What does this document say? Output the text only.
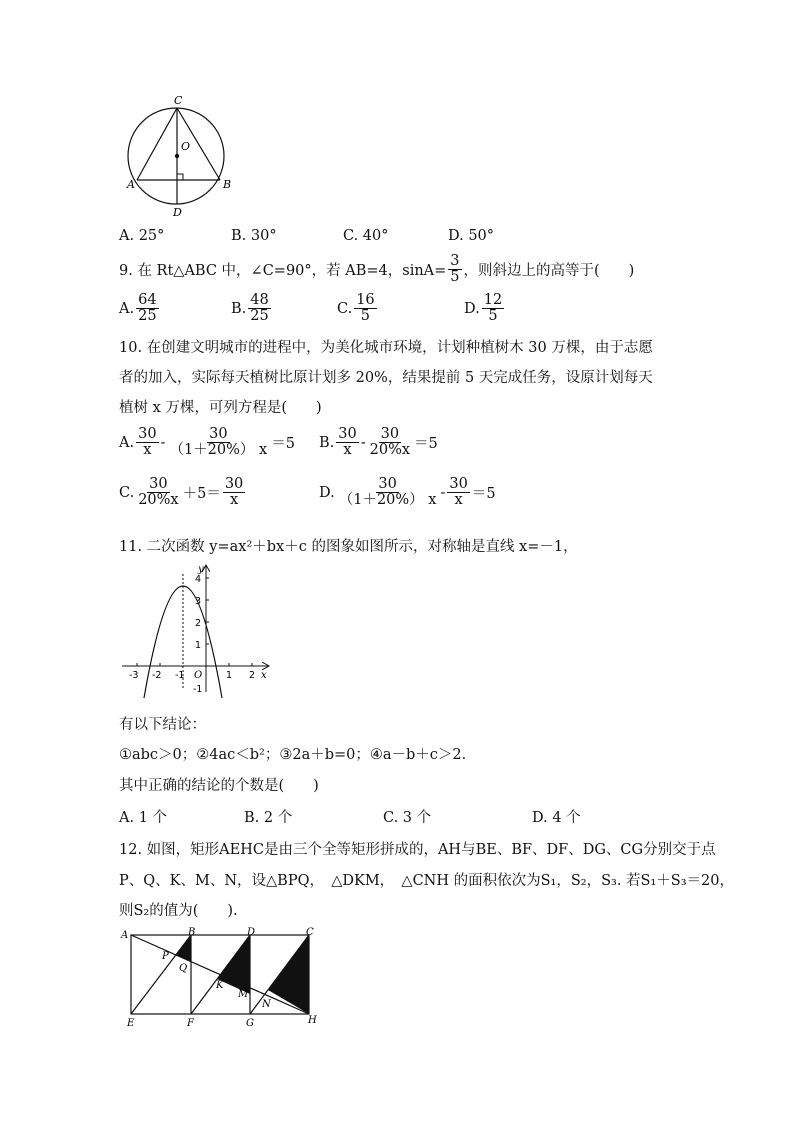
C
O
A	B
D
A. 25°	B. 30°	C. 40°	D. 50°
9. 在 Rt△ABC 中，∠C=90°，若 AB=4，$\sin A= \frac{3}{5}$ ，则斜边上的高等于(　　)
A. $\frac{64}{25}$	B. $\frac{48}{25}$	C. $\frac{16}{5}$	D. $\frac{12}{5}$
10. 在创建文明城市的进程中，为美化城市环境，计划种植树木 30 万棵，由于志愿
者的加入，实际每天植树比原计划多 20%，结果提前 5 天完成任务，设原计划每天
植树 x 万棵，可列方程是(　　)
A. $\frac{30}{x} - \frac{30}{(1+20\%) x} =5$ B. $\frac{30}{x} - \frac{30}{20\%x} =5$
C. $\frac{30}{20\%x} +5= \frac{30}{x}$	D. $\frac{30}{(1+20\%) x} - \frac{30}{x} =5$
11. 二次函数 y=ax²＋bx＋c 的图象如图所示，对称轴是直线 x=－1，
y
x
O
4
3
2
1
-1
-3 -2 -1	1 2
有以下结论：
①abc＞0；②4ac＜b²；③2a＋b=0；④a－b＋c＞2.
其中正确的结论的个数是(　　)
A. 1 个	B. 2 个	C. 3 个	D. 4 个
12. 如图，矩形AEHC是由三个全等矩形拼成的，AH与BE、BF、DF、DG、CG分别交于点
P、Q、K、M、N，设△BPQ，　△DKM，　△CNH 的面积依次为S₁，S₂，S₃. 若S₁＋S₃＝20，
则S₂的值为(　　).
A	B	D	C
P
Q
K
M
N
E	F	G	H
